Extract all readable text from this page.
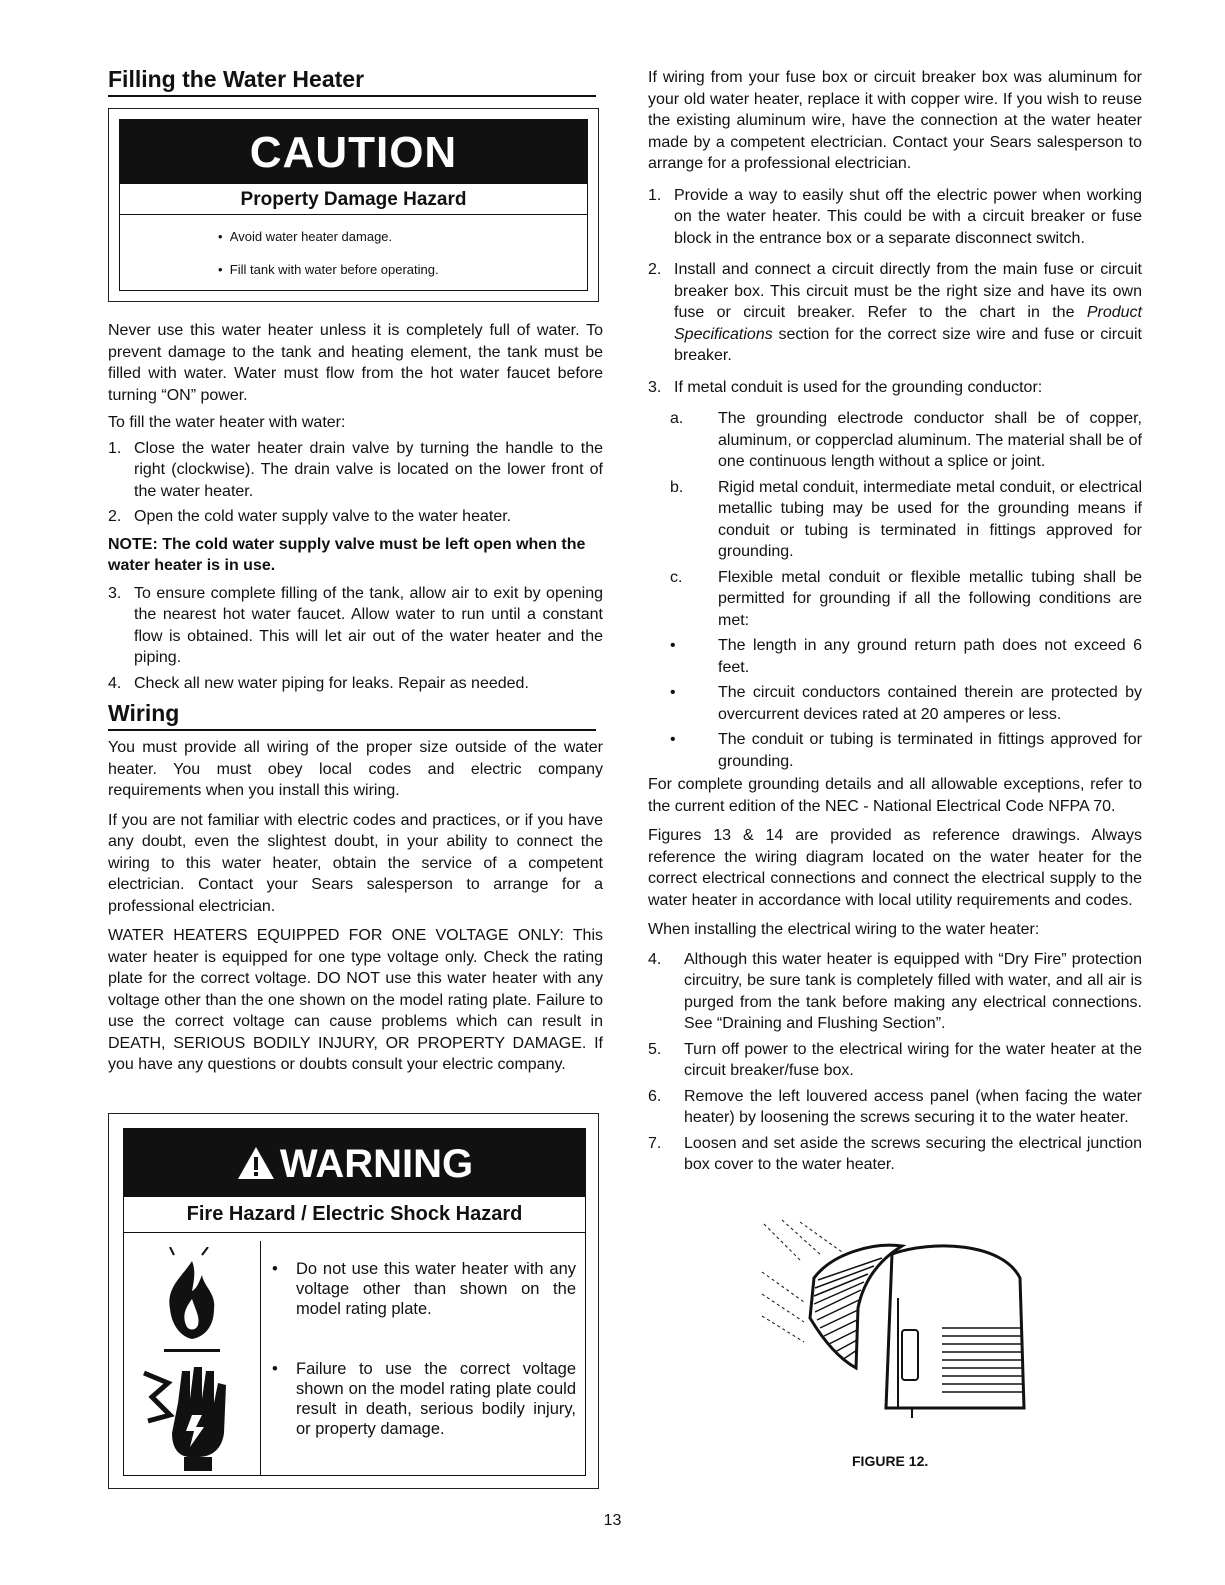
Filling the Water Heater
CAUTION
Property Damage Hazard
•  Avoid water heater damage.
•  Fill tank with water before operating.

Never use this water heater unless it is completely full of water. To prevent damage to the tank and heating element, the tank must be filled with water. Water must flow from the hot water faucet before turning “ON” power.

To fill the water heater with water:

1. Close the water heater drain valve by turning the handle to the right (clockwise). The drain valve is located on the lower front of the water heater.
2. Open the cold water supply valve to the water heater.

NOTE: The cold water supply valve must be left open when the water heater is in use.

3. To ensure complete filling of the tank, allow air to exit by opening the nearest hot water faucet. Allow water to run until a constant flow is obtained. This will let air out of the water heater and the piping.
4. Check all new water piping for leaks. Repair as needed.
Wiring

You must provide all wiring of the proper size outside of the water heater. You must obey local codes and electric company requirements when you install this wiring.

If you are not familiar with electric codes and practices, or if you have any doubt, even the slightest doubt, in your ability to connect the wiring to this water heater, obtain the service of a competent electrician. Contact your Sears salesperson to arrange for a professional electrician.

WATER HEATERS EQUIPPED FOR ONE VOLTAGE ONLY: This water heater is equipped for one type voltage only. Check the rating plate for the correct voltage. DO NOT use this water heater with any voltage other than the one shown on the model rating plate. Failure to use the correct voltage can cause problems which can result in DEATH, SERIOUS BODILY INJURY, OR PROPERTY DAMAGE. If you have any questions or doubts consult your electric company.

WARNING
Fire Hazard / Electric Shock Hazard
• Do not use this water heater with any voltage other than shown on the model rating plate.
• Failure to use the correct voltage shown on the model rating plate could result in death, serious bodily injury, or property damage.

If wiring from your fuse box or circuit breaker box was aluminum for your old water heater, replace it with copper wire. If you wish to reuse the existing aluminum wire, have the connection at the water heater made by a competent electrician. Contact your Sears salesperson to arrange for a professional electrician.

1. Provide a way to easily shut off the electric power when working on the water heater. This could be with a circuit breaker or fuse block in the entrance box or a separate disconnect switch.
2. Install and connect a circuit directly from the main fuse or circuit breaker box. This circuit must be the right size and have its own fuse or circuit breaker. Refer to the chart in the Product Specifications section for the correct size wire and fuse or circuit breaker.
3. If metal conduit is used for the grounding conductor:
a. The grounding electrode conductor shall be of copper, aluminum, or copperclad aluminum. The material shall be of one continuous length without a splice or joint.
b. Rigid metal conduit, intermediate metal conduit, or electrical metallic tubing may be used for the grounding means if conduit or tubing is terminated in fittings approved for grounding.
c. Flexible metal conduit or flexible metallic tubing shall be permitted for grounding if all the following conditions are met:
•	The length in any ground return path does not exceed 6 feet.
•	The circuit conductors contained therein are protected by overcurrent devices rated at 20 amperes or less.
•	The conduit or tubing is terminated in fittings approved for grounding.

For complete grounding details and all allowable exceptions, refer to the current edition of the NEC - National Electrical Code NFPA 70.

Figures 13 & 14 are provided as reference drawings. Always reference the wiring diagram located on the water heater for the correct electrical connections and connect the electrical supply to the water heater in accordance with local utility requirements and codes.

When installing the electrical wiring to the water heater:

4. Although this water heater is equipped with “Dry Fire” protection circuitry, be sure tank is completely filled with water, and all air is purged from the tank before making any electrical connections. See “Draining and Flushing Section”.
5. Turn off power to the electrical wiring for the water heater at the circuit breaker/fuse box.
6. Remove the left louvered access panel (when facing the water heater) by loosening the screws securing it to the water heater.
7. Loosen and set aside the screws securing the electrical junction box cover to the water heater.
FIGURE 12.
13
